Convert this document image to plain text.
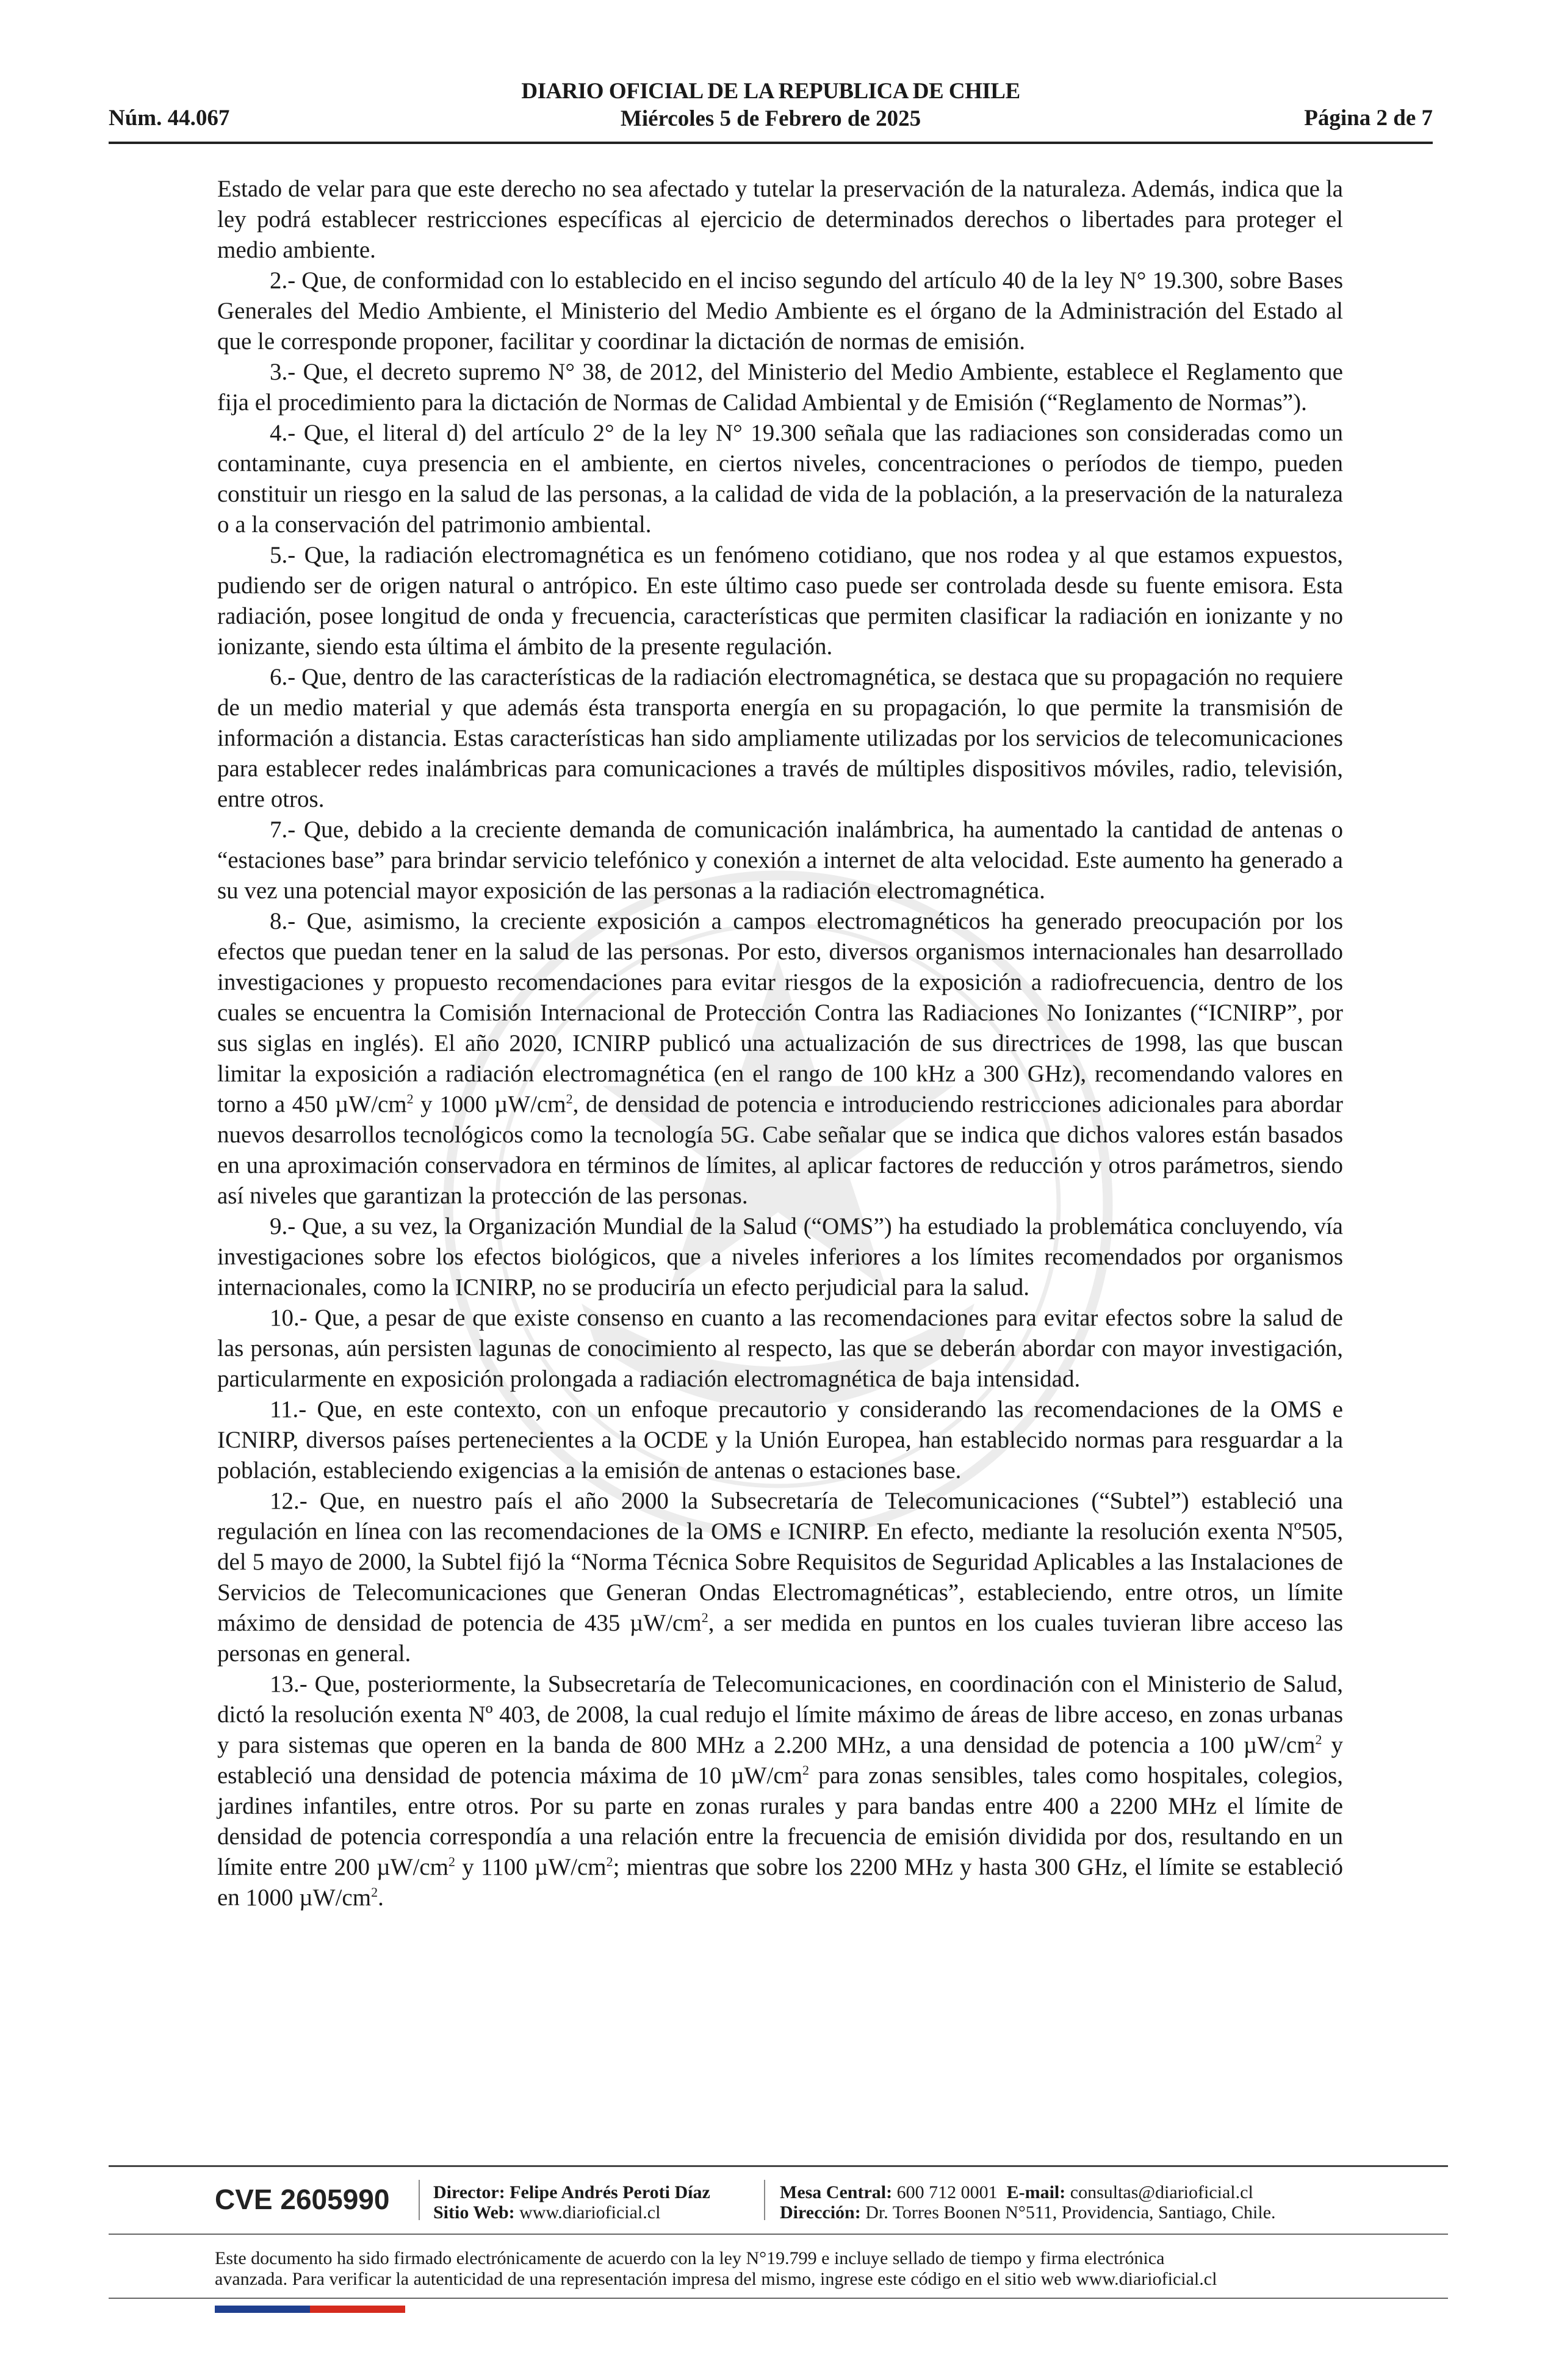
Núm. 44.067
DIARIO OFICIAL DE LA REPUBLICA DE CHILE
Miércoles 5 de Febrero de 2025	Página 2 de 7

Estado de velar para que este derecho no sea afectado y tutelar la preservación de la naturaleza. Además, indica que la ley podrá establecer restricciones específicas al ejercicio de determinados derechos o libertades para proteger el medio ambiente.

2.- Que, de conformidad con lo establecido en el inciso segundo del artículo 40 de la ley N° 19.300, sobre Bases Generales del Medio Ambiente, el Ministerio del Medio Ambiente es el órgano de la Administración del Estado al que le corresponde proponer, facilitar y coordinar la dictación de normas de emisión.

3.- Que, el decreto supremo N° 38, de 2012, del Ministerio del Medio Ambiente, establece el Reglamento que fija el procedimiento para la dictación de Normas de Calidad Ambiental y de Emisión (“Reglamento de Normas”).

4.- Que, el literal d) del artículo 2° de la ley N° 19.300 señala que las radiaciones son consideradas como un contaminante, cuya presencia en el ambiente, en ciertos niveles, concentraciones o períodos de tiempo, pueden constituir un riesgo en la salud de las personas, a la calidad de vida de la población, a la preservación de la naturaleza o a la conservación del patrimonio ambiental.

5.- Que, la radiación electromagnética es un fenómeno cotidiano, que nos rodea y al que estamos expuestos, pudiendo ser de origen natural o antrópico. En este último caso puede ser controlada desde su fuente emisora. Esta radiación, posee longitud de onda y frecuencia, características que permiten clasificar la radiación en ionizante y no ionizante, siendo esta última el ámbito de la presente regulación.

6.- Que, dentro de las características de la radiación electromagnética, se destaca que su propagación no requiere de un medio material y que además ésta transporta energía en su propagación, lo que permite la transmisión de información a distancia. Estas características han sido ampliamente utilizadas por los servicios de telecomunicaciones para establecer redes inalámbricas para comunicaciones a través de múltiples dispositivos móviles, radio, televisión, entre otros.

7.- Que, debido a la creciente demanda de comunicación inalámbrica, ha aumentado la cantidad de antenas o “estaciones base” para brindar servicio telefónico y conexión a internet de alta velocidad. Este aumento ha generado a su vez una potencial mayor exposición de las personas a la radiación electromagnética.

8.- Que, asimismo, la creciente exposición a campos electromagnéticos ha generado preocupación por los efectos que puedan tener en la salud de las personas. Por esto, diversos organismos internacionales han desarrollado investigaciones y propuesto recomendaciones para evitar riesgos de la exposición a radiofrecuencia, dentro de los cuales se encuentra la Comisión Internacional de Protección Contra las Radiaciones No Ionizantes (“ICNIRP”, por sus siglas en inglés). El año 2020, ICNIRP publicó una actualización de sus directrices de 1998, las que buscan limitar la exposición a radiación electromagnética (en el rango de 100 kHz a 300 GHz), recomendando valores en torno a 450 $\mu W/cm^2$ y 1000 $\mu W/cm^2$, de densidad de potencia e introduciendo restricciones adicionales para abordar nuevos desarrollos tecnológicos como la tecnología 5G. Cabe señalar que se indica que dichos valores están basados en una aproximación conservadora en términos de límites, al aplicar factores de reducción y otros parámetros, siendo así niveles que garantizan la protección de las personas.

9.- Que, a su vez, la Organización Mundial de la Salud (“OMS”) ha estudiado la problemática concluyendo, vía investigaciones sobre los efectos biológicos, que a niveles inferiores a los límites recomendados por organismos internacionales, como la ICNIRP, no se produciría un efecto perjudicial para la salud.

10.- Que, a pesar de que existe consenso en cuanto a las recomendaciones para evitar efectos sobre la salud de las personas, aún persisten lagunas de conocimiento al respecto, las que se deberán abordar con mayor investigación, particularmente en exposición prolongada a radiación electromagnética de baja intensidad.

11.- Que, en este contexto, con un enfoque precautorio y considerando las recomendaciones de la OMS e ICNIRP, diversos países pertenecientes a la OCDE y la Unión Europea, han establecido normas para resguardar a la población, estableciendo exigencias a la emisión de antenas o estaciones base.

12.- Que, en nuestro país el año 2000 la Subsecretaría de Telecomunicaciones (“Subtel”) estableció una regulación en línea con las recomendaciones de la OMS e ICNIRP. En efecto, mediante la resolución exenta Nº505, del 5 mayo de 2000, la Subtel fijó la “Norma Técnica Sobre Requisitos de Seguridad Aplicables a las Instalaciones de Servicios de Telecomunicaciones que Generan Ondas Electromagnéticas”, estableciendo, entre otros, un límite máximo de densidad de potencia de 435 $\mu W/cm^2$, a ser medida en puntos en los cuales tuvieran libre acceso las personas en general.

13.- Que, posteriormente, la Subsecretaría de Telecomunicaciones, en coordinación con el Ministerio de Salud, dictó la resolución exenta Nº 403, de 2008, la cual redujo el límite máximo de áreas de libre acceso, en zonas urbanas y para sistemas que operen en la banda de 800 MHz a 2.200 MHz, a una densidad de potencia a 100 $\mu W/cm^2$ y estableció una densidad de potencia máxima de 10 $\mu W/cm^2$ para zonas sensibles, tales como hospitales, colegios, jardines infantiles, entre otros. Por su parte en zonas rurales y para bandas entre 400 a 2200 MHz el límite de densidad de potencia correspondía a una relación entre la frecuencia de emisión dividida por dos, resultando en un límite entre 200 $\mu W/cm^2$ y 1100 $\mu W/cm^2$; mientras que sobre los 2200 MHz y hasta 300 GHz, el límite se estableció en 1000 $\mu W/cm^2$.

CVE 2605990 Director: Felipe Andrés Peroti Díaz
Sitio Web: www.diarioficial.cl
Mesa Central: 600 712 0001 E-mail: consultas@diarioficial.cl
Dirección: Dr. Torres Boonen N°511, Providencia, Santiago, Chile.
Este documento ha sido firmado electrónicamente de acuerdo con la ley N°19.799 e incluye sellado de tiempo y firma electrónica
avanzada. Para verificar la autenticidad de una representación impresa del mismo, ingrese este código en el sitio web www.diarioficial.cl
